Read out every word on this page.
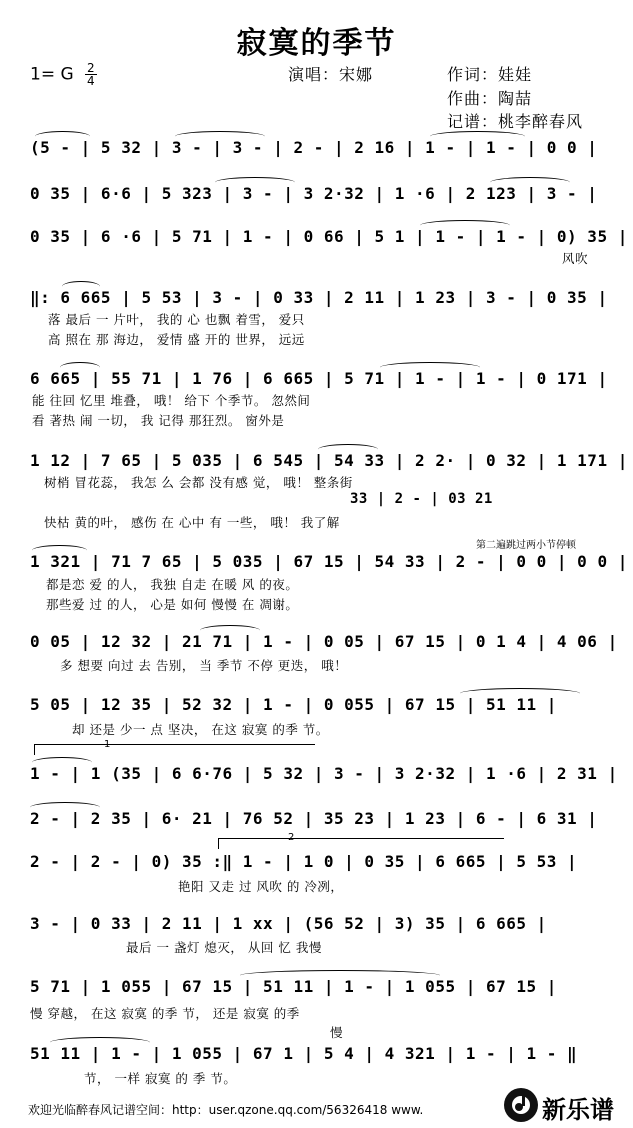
寂寞的季节
1= G $\frac{2}{4}$	演唱：宋娜	作词：娃娃
作曲：陶喆
记谱：桃李醉春风
(5 - | 5 32 | 3 - | 3 - | 2 - | 2 16 | 1 - | 1 - | 0 0 |
0 35 | 6·6 | 5 323 | 3 - | 3 2·32 | 1 ·6 | 2 123 | 3 - |
0 35 | 6 ·6 | 5 71 | 1 - | 0 66 | 5 1 | 1 - | 1 - | 0) 35 |
风吹
‖: 6 665 | 5 53 | 3 - | 0 33 | 2 11 | 1 23 | 3 - | 0 35 |
落 最后 一 片叶， 我的 心 也飘 着雪， 爱只
高 照在 那 海边， 爱情 盛 开的 世界， 远远
6 665 | 55 71 | 1 76 | 6 665 | 5 71 | 1 - | 1 - | 0 171 |
能 往回 忆里 堆叠， 哦！ 给下 个季节。 忽然间
看 著热 闹 一切， 我 记得 那狂烈。 窗外是
1 12 | 7 65 | 5 035 | 6 545 | 54 33 | 2 2· | 0 32 | 1 171 |
树梢 冒花蕊， 我怎 么 会都 没有感 觉， 哦！ 整条街
33 | 2 - | 03 21
快枯 黄的叶， 感伤 在 心中 有 一些， 哦！ 我了解
第二遍跳过两小节停顿
1 321 | 71 7 65 | 5 035 | 67 15 | 54 33 | 2 - | 0 0 | 0 0 |
都是恋 爱 的人， 我独 自走 在暖 风 的夜。
那些爱 过 的人， 心是 如何 慢慢 在 凋谢。
0 05 | 12 32 | 21 71 | 1 - | 0 05 | 67 15 | 0 1 4 | 4 06 |
多 想要 向过 去 告别， 当 季节 不停 更迭， 哦！
5 05 | 12 35 | 52 32 | 1 - | 0 055 | 67 15 | 51 11 |
却 还是 少一 点 坚决， 在这 寂寞 的季 节。
1
1 - | 1 (35 | 6 6·76 | 5 32 | 3 - | 3 2·32 | 1 ·6 | 2 31 |
2 - | 2 35 | 6· 21 | 76 52 | 35 23 | 1 23 | 6 - | 6 31 |
2
2 - | 2 - | 0) 35 :‖ 1 - | 1 0 | 0 35 | 6 665 | 5 53 |
艳阳 又走 过 风吹 的 冷冽，
3 - | 0 33 | 2 11 | 1 xx | (56 52 | 3) 35 | 6 665 |
最后 一 盏灯 熄灭， 从回 忆 我慢
5 71 | 1 055 | 67 15 | 51 11 | 1 - | 1 055 | 67 15 |
慢 穿越， 在这 寂寞 的季 节， 还是 寂寞 的季
慢
51 11 | 1 - | 1 055 | 67 1 | 5 4 | 4 321 | 1 - | 1 - ‖
节， 一样 寂寞 的 季 节。
欢迎光临醉春风记谱空间：http：user.qzone.qq.com/56326418 www.	新乐谱
